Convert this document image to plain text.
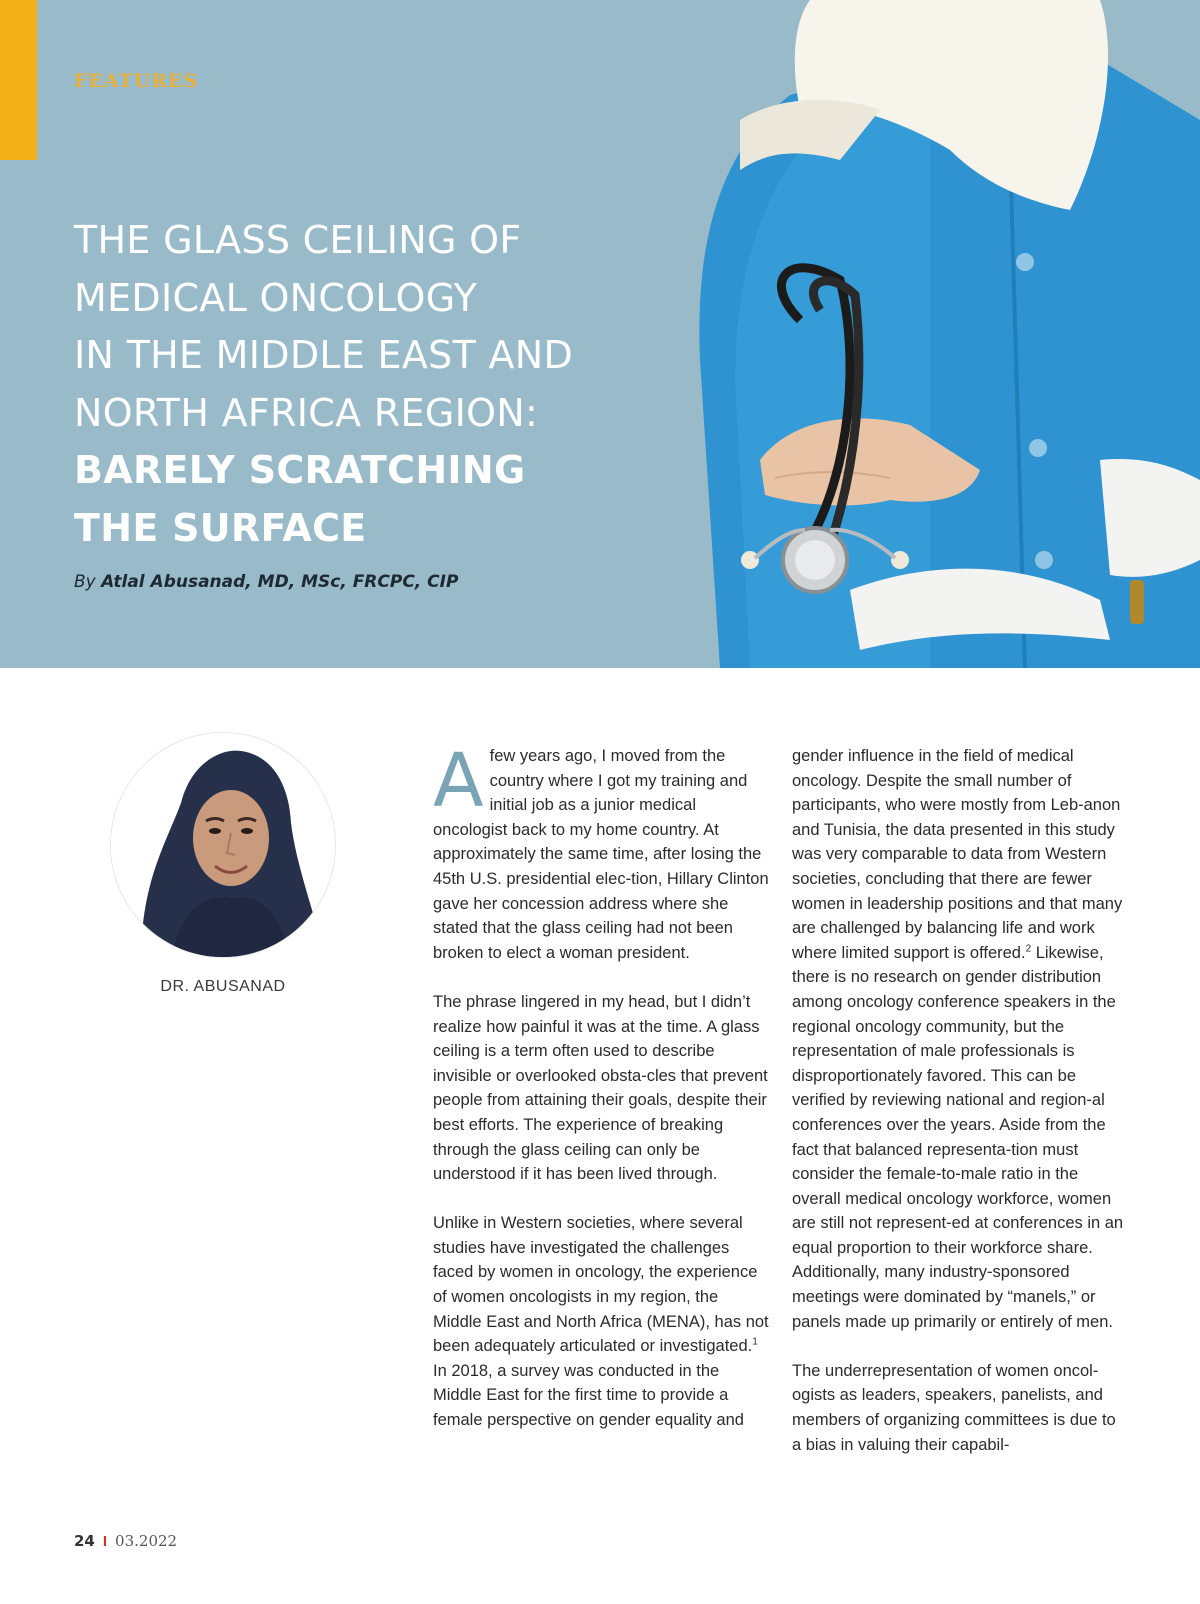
FEATURES
THE GLASS CEILING OF
MEDICAL ONCOLOGY
IN THE MIDDLE EAST AND
NORTH AFRICA REGION:
BARELY SCRATCHING
THE SURFACE
By Atlal Abusanad, MD, MSc, FRCPC, CIP
DR. ABUSANAD

Afew years ago, I moved from the country where I got my training and initial job as a junior medical oncologist back to my home country. At approximately the same time, after losing the 45th U.S. presidential elec-tion, Hillary Clinton gave her concession address where she stated that the glass ceiling had not been broken to elect a woman president.

The phrase lingered in my head, but I didn’t realize how painful it was at the time. A glass ceiling is a term often used to describe invisible or overlooked obsta-cles that prevent people from attaining their goals, despite their best efforts. The experience of breaking through the glass ceiling can only be understood if it has been lived through.

Unlike in Western societies, where several studies have investigated the challenges faced by women in oncology, the experience of women oncologists in my region, the Middle East and North Africa (MENA), has not been adequately articulated or investigated.$^1$ In 2018, a survey was conducted in the Middle East for the first time to provide a female perspective on gender equality and

gender influence in the field of medical oncology. Despite the small number of participants, who were mostly from Leb-anon and Tunisia, the data presented in this study was very comparable to data from Western societies, concluding that there are fewer women in leadership positions and that many are challenged by balancing life and work where limited support is offered.$^2$ Likewise, there is no research on gender distribution among oncology conference speakers in the regional oncology community, but the representation of male professionals is disproportionately favored. This can be verified by reviewing national and region-al conferences over the years. Aside from the fact that balanced representa-tion must consider the female-to-male ratio in the overall medical oncology workforce, women are still not represent-ed at conferences in an equal proportion to their workforce share. Additionally, many industry-sponsored meetings were dominated by “manels,” or panels made up primarily or entirely of men.

The underrepresentation of women oncol-ogists as leaders, speakers, panelists, and members of organizing committees is due to a bias in valuing their capabil-

24 I 03.2022
